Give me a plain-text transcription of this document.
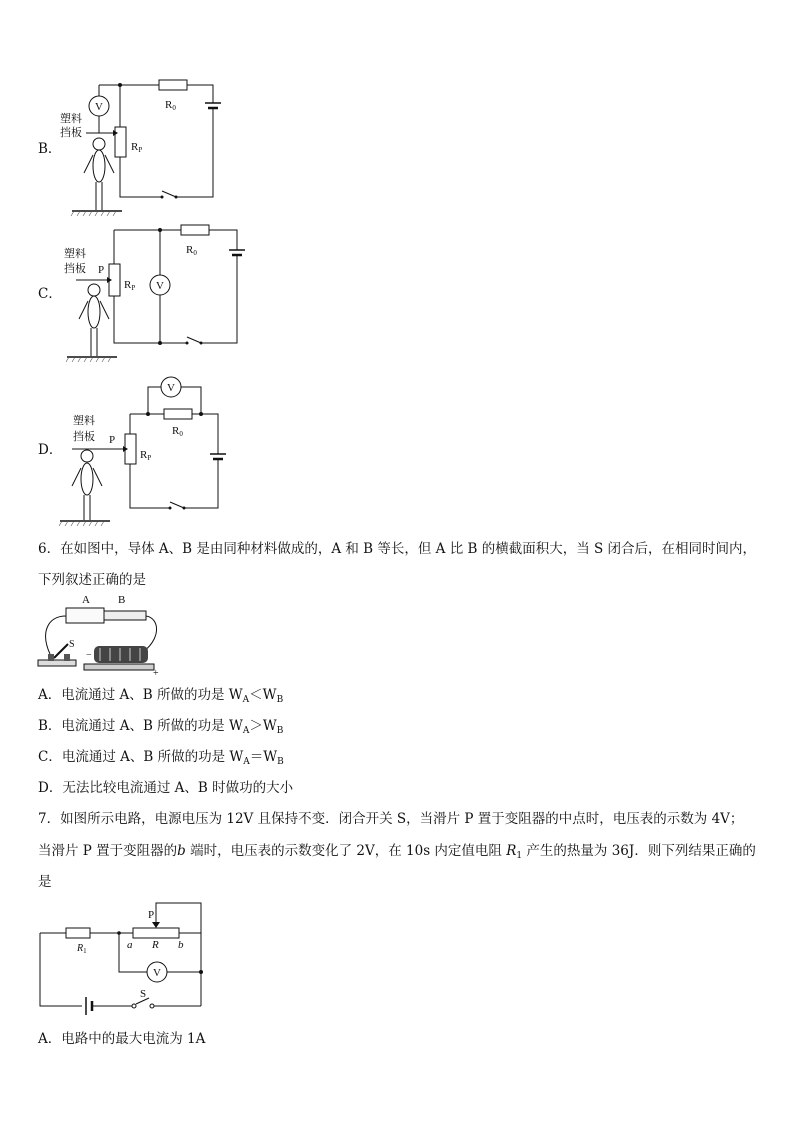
B．
V	R0
RP
塑料
挡板
C．	V
R0
RP
P
塑料
挡板
D．
V
R0
RP
P
塑料
挡板
6．在如图中，导体 A、B 是由同种材料做成的，A 和 B 等长，但 A 比 B 的横截面积大，当 S 闭合后，在相同时间内，
下列叙述正确的是
A	B
S
−
+
A．电流通过 A、B 所做的功是 $W_A<W_B$
B．电流通过 A、B 所做的功是 $W_A>W_B$
C．电流通过 A、B 所做的功是 $W_A=W_B$
D．无法比较电流通过 A、B 时做功的大小
7．如图所示电路，电源电压为 12V 且保持不变．闭合开关 S，当滑片 P 置于变阻器的中点时，电压表的示数为 4V；
当滑片 P 置于变阻器的b 端时，电压表的示数变化了 2V，在 10s 内定值电阻 $R_1$ 产生的热量为 36J．则下列结果正确的
是
P
$R_1$	a R b
V
S
A．电路中的最大电流为 1A
